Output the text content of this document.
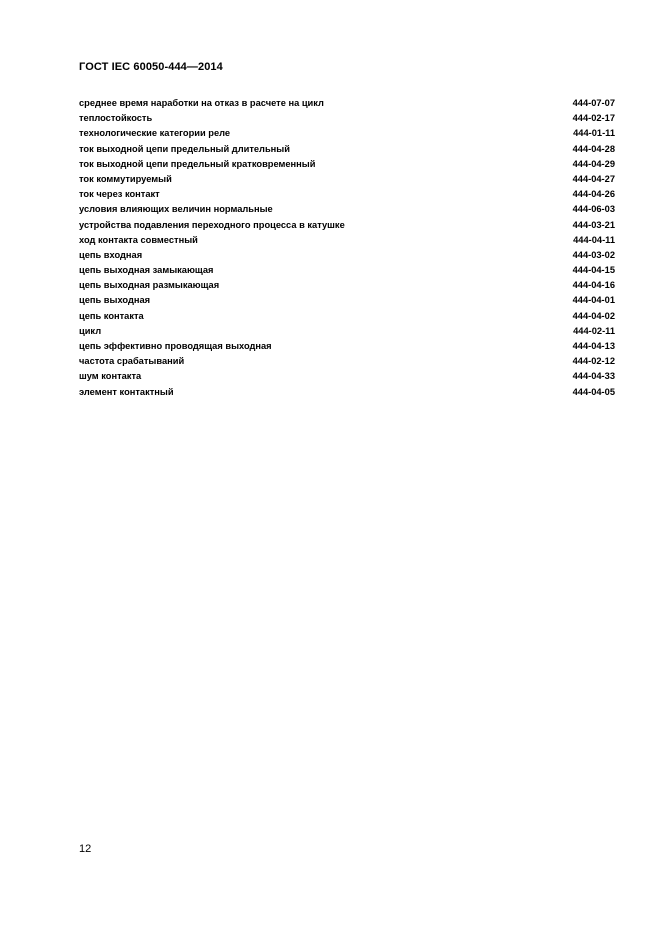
ГОСТ IEC 60050-444—2014
среднее время наработки на отказ в расчете на цикл	444-07-07
теплостойкость	444-02-17
технологические категории реле	444-01-11
ток выходной цепи предельный длительный	444-04-28
ток выходной цепи предельный кратковременный	444-04-29
ток коммутируемый	444-04-27
ток через контакт	444-04-26
условия влияющих величин нормальные	444-06-03
устройства подавления переходного процесса в катушке	444-03-21
ход контакта совместный	444-04-11
цепь входная	444-03-02
цепь выходная замыкающая	444-04-15
цепь выходная размыкающая	444-04-16
цепь выходная	444-04-01
цепь контакта	444-04-02
цикл	444-02-11
цепь эффективно проводящая выходная	444-04-13
частота срабатываний	444-02-12
шум контакта	444-04-33
элемент контактный	444-04-05
12
